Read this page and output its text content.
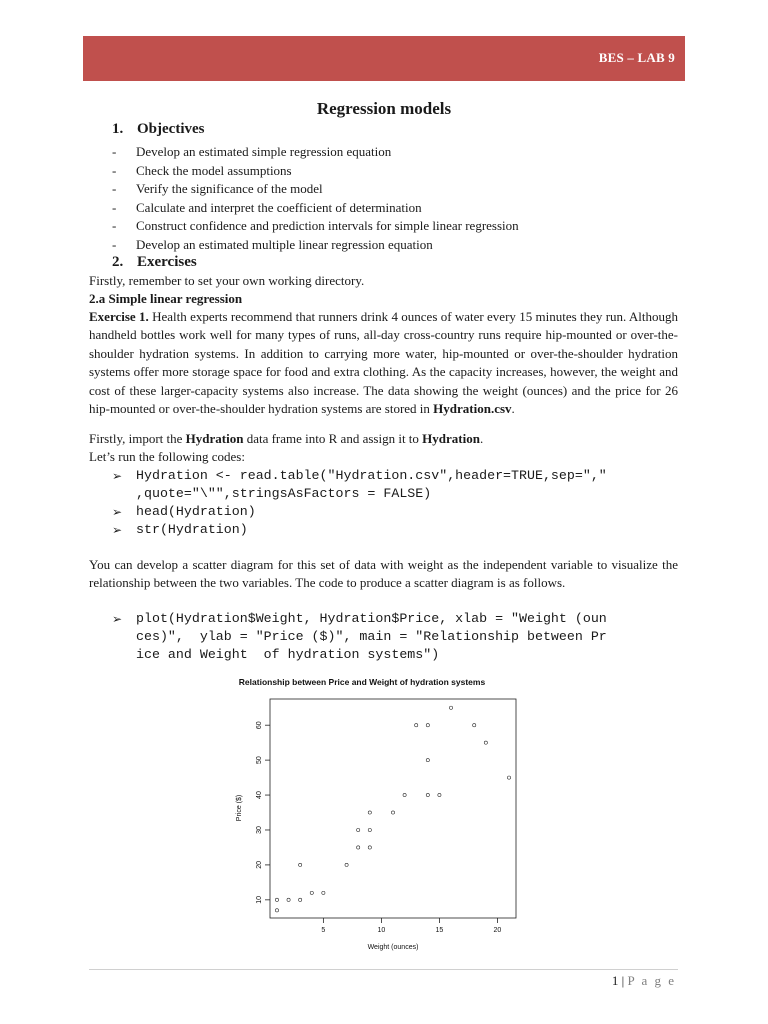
BES – LAB 9
Regression models
1. Objectives
- Develop an estimated simple regression equation
- Check the model assumptions
- Verify the significance of the model
- Calculate and interpret the coefficient of determination
- Construct confidence and prediction intervals for simple linear regression
- Develop an estimated multiple linear regression equation
2. Exercises
Firstly, remember to set your own working directory.
2.a Simple linear regression
Exercise 1. Health experts recommend that runners drink 4 ounces of water every 15 minutes they run. Although handheld bottles work well for many types of runs, all-day cross-country runs require hip-mounted or over-the-shoulder hydration systems. In addition to carrying more water, hip-mounted or over-the-shoulder hydration systems offer more storage space for food and extra clothing. As the capacity increases, however, the weight and cost of these larger-capacity systems also increase. The data showing the weight (ounces) and the price for 26 hip-mounted or over-the-shoulder hydration systems are stored in Hydration.csv.
Firstly, import the Hydration data frame into R and assign it to Hydration.
Let’s run the following codes:
➢ Hydration <- read.table("Hydration.csv",header=TRUE,sep=","
,quote="\"",stringsAsFactors = FALSE)
➢ head(Hydration)
➢ str(Hydration)
You can develop a scatter diagram for this set of data with weight as the independent variable to visualize the relationship between the two variables. The code to produce a scatter diagram is as follows.
➢ plot(Hydration$Weight, Hydration$Price, xlab = "Weight (oun
ces)",  ylab = "Price ($)", main = "Relationship between Pr
ice and Weight  of hydration systems")
Relationship between Price and Weight of hydration systems
5	10	15	20
10
20
30
40
50
60
Weight (ounces)
Price ($)
1 | P a g e
